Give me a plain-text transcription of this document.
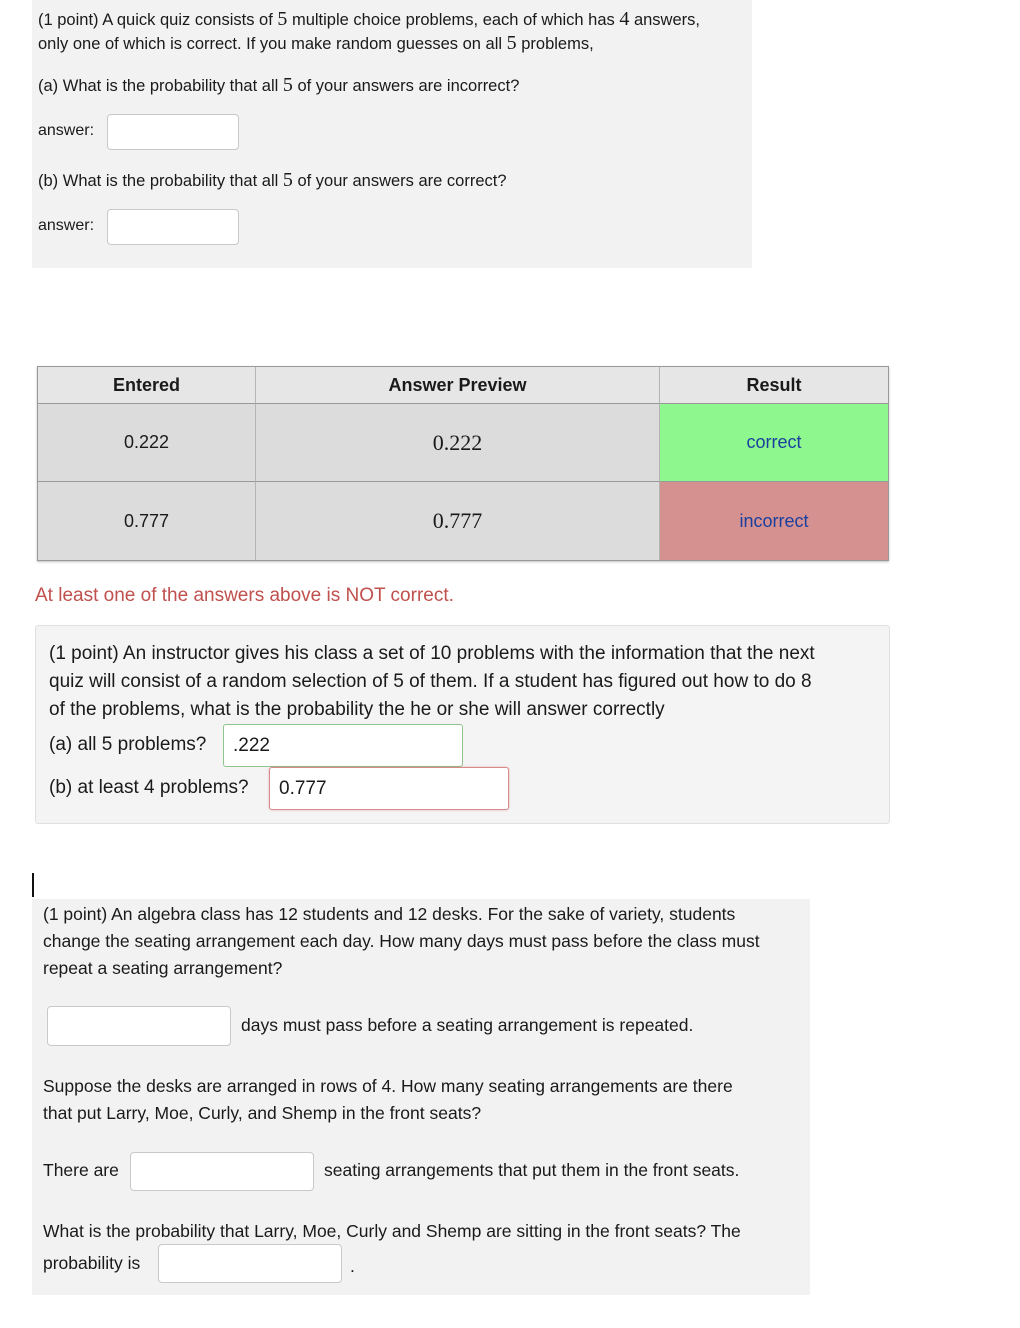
(1 point) A quick quiz consists of 5 multiple choice problems, each of which has 4 answers,
only one of which is correct. If you make random guesses on all 5 problems,
(a) What is the probability that all 5 of your answers are incorrect?
answer:
(b) What is the probability that all 5 of your answers are correct?
answer:
Entered	Answer Preview	Result
0.222	0.222	correct
0.777	0.777	incorrect
At least one of the answers above is NOT correct.
(1 point) An instructor gives his class a set of 10 problems with the information that the next
quiz will consist of a random selection of 5 of them. If a student has figured out how to do 8
of the problems, what is the probability the he or she will answer correctly
(a) all 5 problems?	.222
(b) at least 4 problems?	0.777
(1 point) An algebra class has 12 students and 12 desks. For the sake of variety, students
change the seating arrangement each day. How many days must pass before the class must
repeat a seating arrangement?
days must pass before a seating arrangement is repeated.
Suppose the desks are arranged in rows of 4. How many seating arrangements are there
that put Larry, Moe, Curly, and Shemp in the front seats?
There are	seating arrangements that put them in the front seats.
What is the probability that Larry, Moe, Curly and Shemp are sitting in the front seats? The
probability is	.
